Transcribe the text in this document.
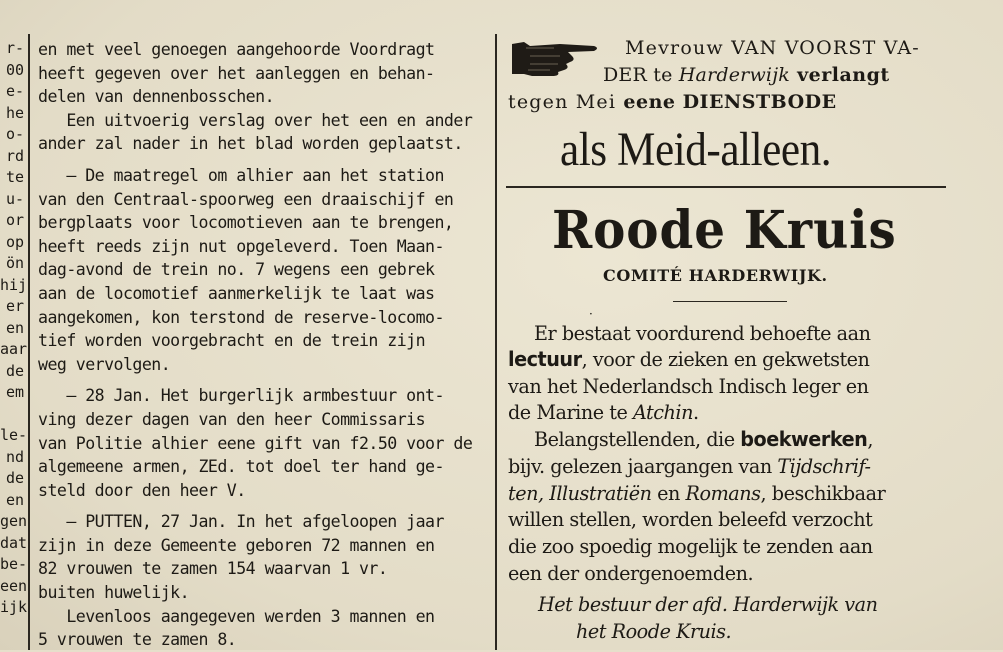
r-
00
e-
he
o-
rd
te
u-
or
op
ön
hij
er
en
aar
de
em
le-
nd
de
en
gen
dat
be-
een
ijk
en met veel genoegen aangehoorde Voordragt
heeft gegeven over het aanleggen en behan-
delen van dennenbosschen.
Een uitvoerig verslag over het een en ander
ander zal nader in het blad worden geplaatst.
— De maatregel om alhier aan het station
van den Centraal-spoorweg een draaischijf en
bergplaats voor locomotieven aan te brengen,
heeft reeds zijn nut opgeleverd. Toen Maan-
dag-avond de trein no. 7 wegens een gebrek
aan de locomotief aanmerkelijk te laat was
aangekomen, kon terstond de reserve-locomo-
tief worden voorgebracht en de trein zijn
weg vervolgen.
— 28 Jan. Het burgerlijk armbestuur ont-
ving dezer dagen van den heer Commissaris
van Politie alhier eene gift van f2.50 voor de
algemeene armen, ZEd. tot doel ter hand ge-
steld door den heer V.
— PUTTEN, 27 Jan. In het afgeloopen jaar
zijn in deze Gemeente geboren 72 mannen en
82 vrouwen te zamen 154 waarvan 1 vr.
buiten huwelijk.
Levenloos aangegeven werden 3 mannen en
5 vrouwen te zamen 8.
Mevrouw VAN VOORST VA-
DER te Harderwijk verlangt
tegen Mei eene DIENSTBODE
als Meid-alleen.
Roode Kruis
COMITÉ HARDERWIJK.
·
Er bestaat voordurend behoefte aan
lectuur, voor de zieken en gekwetsten
van het Nederlandsch Indisch leger en
de Marine te Atchin.
Belangstellenden, die boekwerken,
bijv. gelezen jaargangen van Tijdschrif-
ten, Illustratiën en Romans, beschikbaar
willen stellen, worden beleefd verzocht
die zoo spoedig mogelijk te zenden aan
een der ondergenoemden.
Het bestuur der afd. Harderwijk van
het Roode Kruis.
